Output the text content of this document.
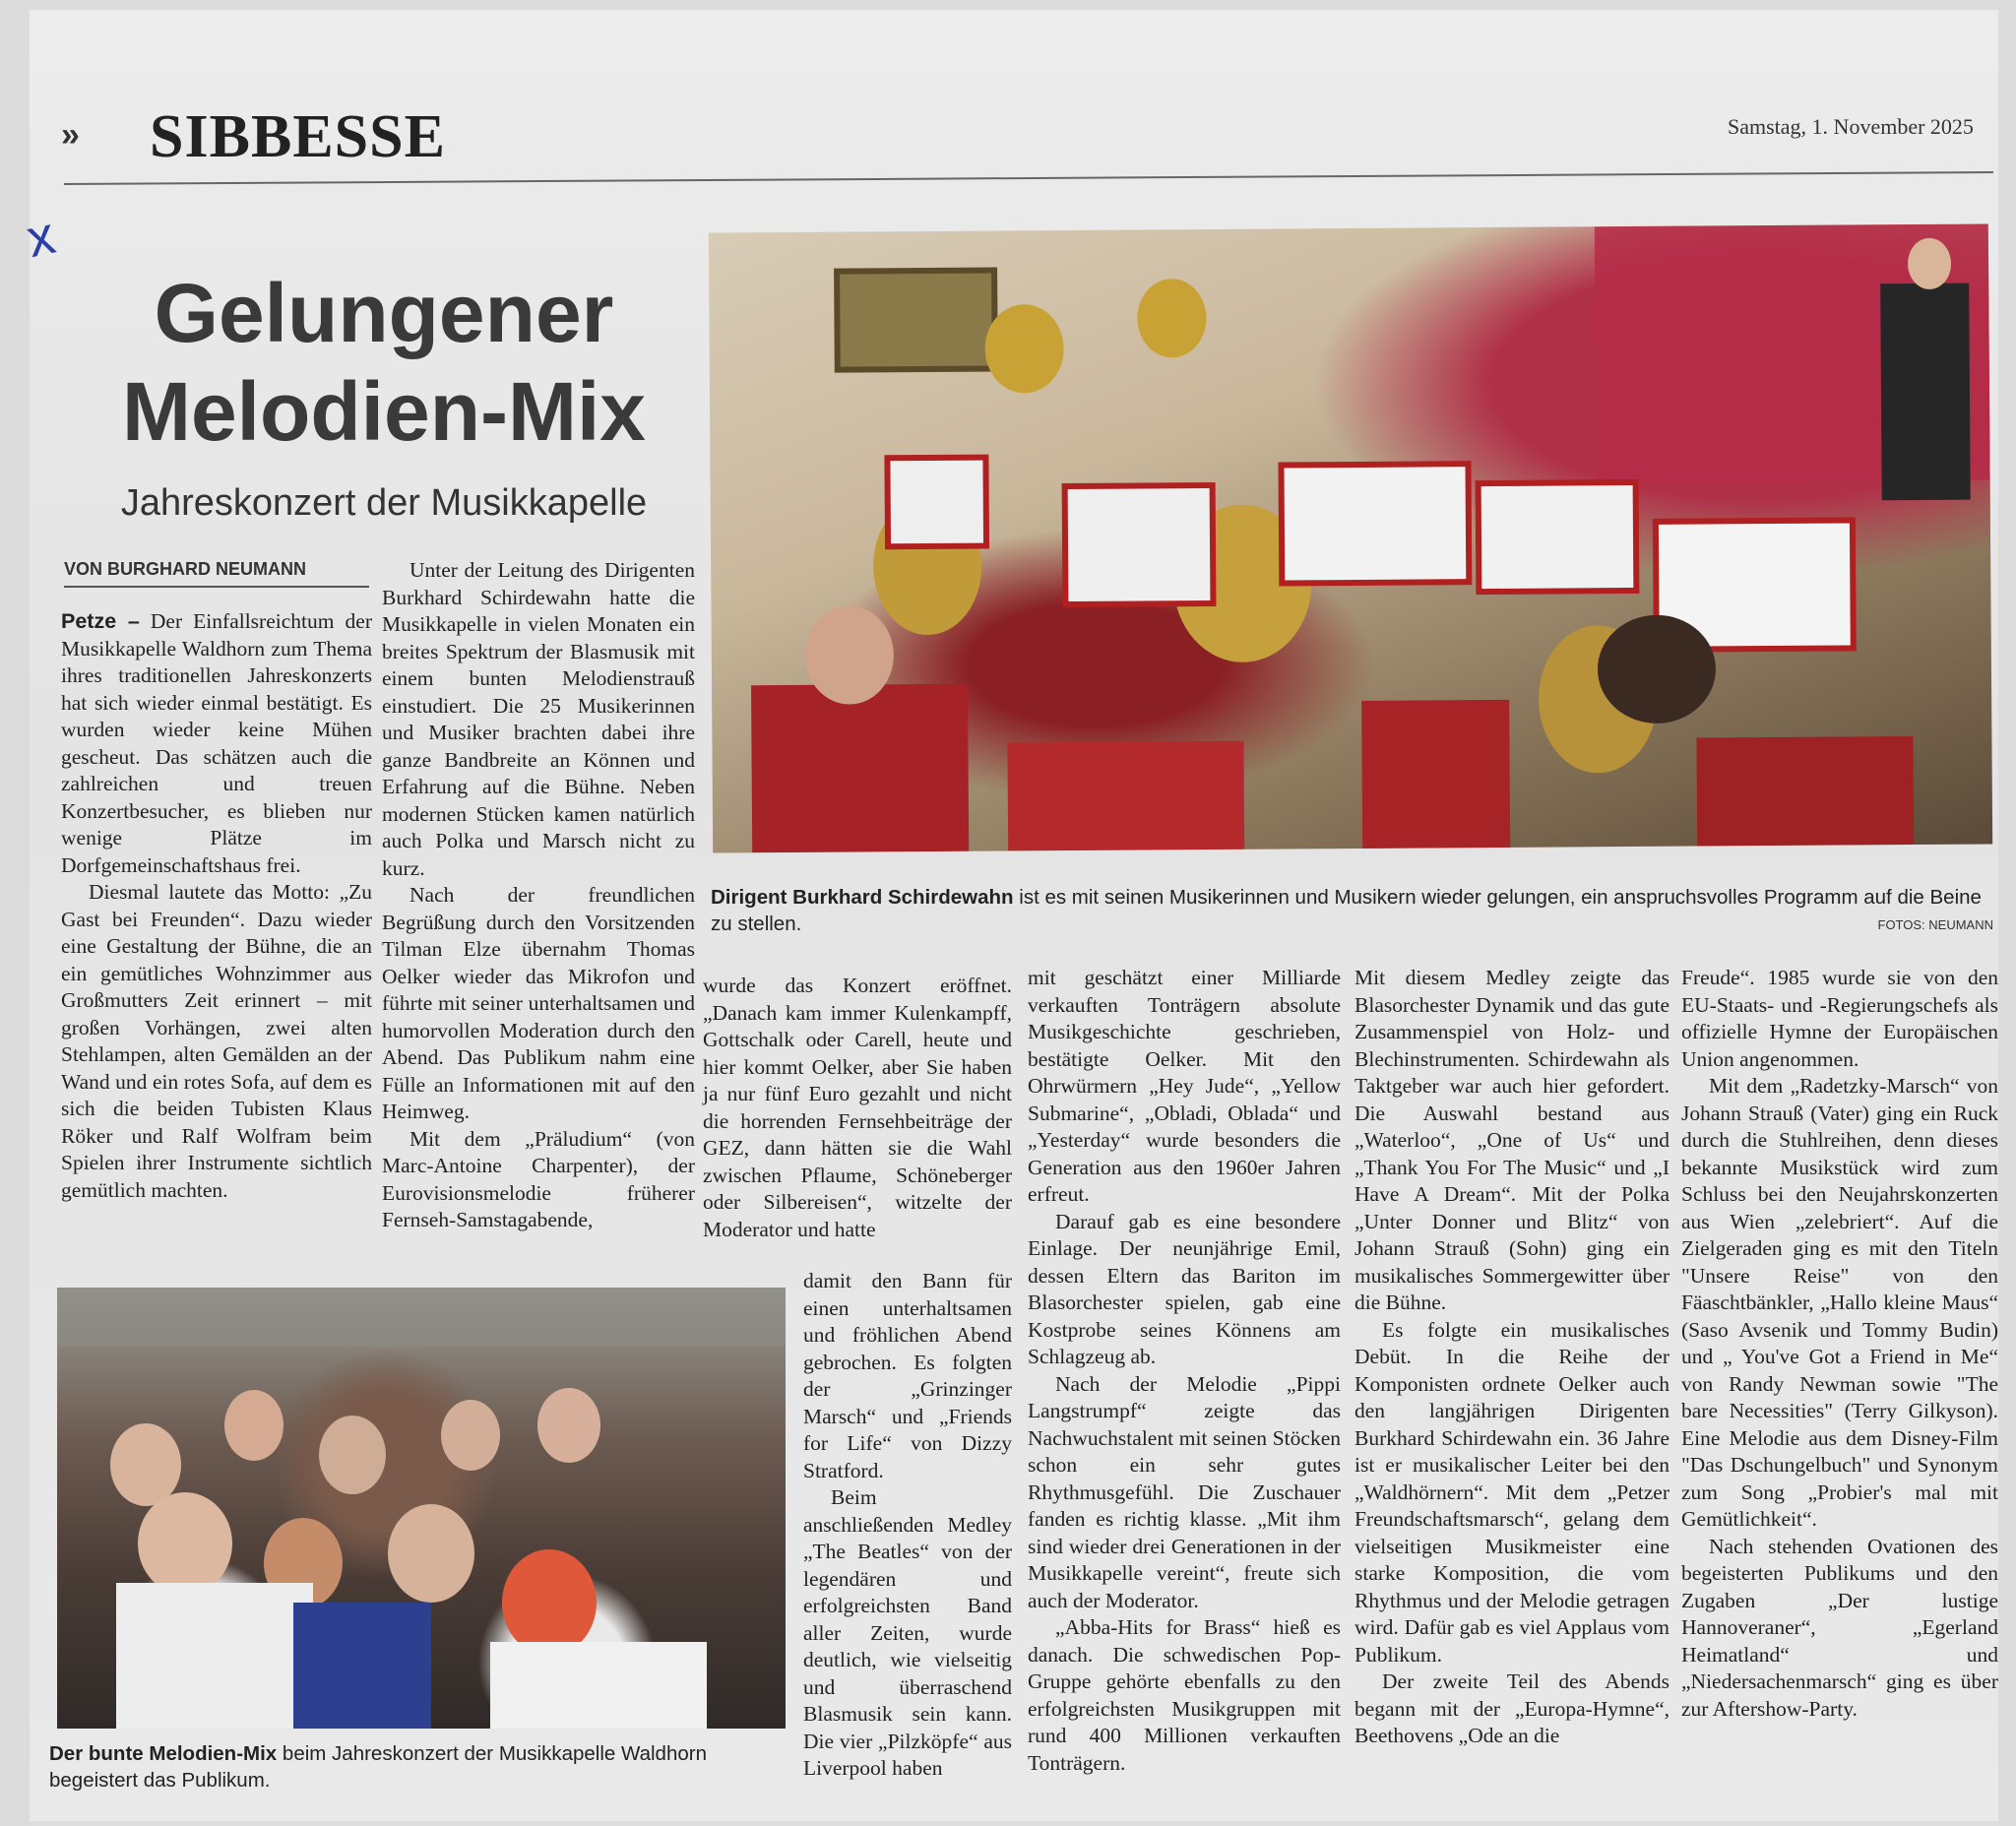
» SIBBESSE	Samstag, 1. November 2025
x
Gelungener Melodien-Mix
Jahreskonzert der Musikkapelle
VON BURGHARD NEUMANN
Dirigent Burkhard Schirdewahn ist es mit seinen Musikerinnen und Musikern wieder gelungen, ein anspruchsvolles Programm auf die Beine zu stellen.	FOTOS: NEUMANN

Petze – Der Einfallsreichtum der Musikkapelle Waldhorn zum Thema ihres traditionellen Jahreskonzerts hat sich wieder einmal bestätigt. Es wurden wieder keine Mühen gescheut. Das schätzen auch die zahlreichen und treuen Konzertbesucher, es blieben nur wenige Plätze im Dorfgemeinschaftshaus frei.

Diesmal lautete das Motto: „Zu Gast bei Freunden“. Dazu wieder eine Gestaltung der Bühne, die an ein gemütliches Wohnzimmer aus Großmutters Zeit erinnert – mit großen Vorhängen, zwei alten Stehlampen, alten Gemälden an der Wand und ein rotes Sofa, auf dem es sich die beiden Tubisten Klaus Röker und Ralf Wolfram beim Spielen ihrer Instrumente sichtlich gemütlich machten.

Unter der Leitung des Dirigenten Burkhard Schirdewahn hatte die Musikkapelle in vielen Monaten ein breites Spektrum der Blasmusik mit einem bunten Melodienstrauß einstudiert. Die 25 Musikerinnen und Musiker brachten dabei ihre ganze Bandbreite an Können und Erfahrung auf die Bühne. Neben modernen Stücken kamen natürlich auch Polka und Marsch nicht zu kurz.

Nach der freundlichen Begrüßung durch den Vorsitzenden Tilman Elze übernahm Thomas Oelker wieder das Mikrofon und führte mit seiner unterhaltsamen und humorvollen Moderation durch den Abend. Das Publikum nahm eine Fülle an Informationen mit auf den Heimweg.

Mit dem „Präludium“ (von Marc-Antoine Charpenter), der Eurovisionsmelodie früherer Fernseh-Samstagabende,

Der bunte Melodien-Mix beim Jahreskonzert der Musikkapelle Waldhorn begeistert das Publikum.

wurde das Konzert eröffnet. „Danach kam immer Kulenkampff, Gottschalk oder Carell, heute und hier kommt Oelker, aber Sie haben ja nur fünf Euro gezahlt und nicht die horrenden Fernsehbeiträge der GEZ, dann hätten sie die Wahl zwischen Pflaume, Schöneberger oder Silbereisen“, witzelte der Moderator und hatte

damit den Bann für einen unterhaltsamen und fröhlichen Abend gebrochen. Es folgten der „Grinzinger Marsch“ und „Friends for Life“ von Dizzy Stratford.

Beim anschließenden Medley „The Beatles“ von der legendären und erfolgreichsten Band aller Zeiten, wurde deutlich, wie vielseitig und überraschend Blasmusik sein kann. Die vier „Pilzköpfe“ aus Liverpool haben

mit geschätzt einer Milliarde verkauften Tonträgern absolute Musikgeschichte geschrieben, bestätigte Oelker. Mit den Ohrwürmern „Hey Jude“, „Yellow Submarine“, „Obladi, Oblada“ und „Yesterday“ wurde besonders die Generation aus den 1960er Jahren erfreut.

Darauf gab es eine besondere Einlage. Der neunjährige Emil, dessen Eltern das Bariton im Blasorchester spielen, gab eine Kostprobe seines Könnens am Schlagzeug ab.

Nach der Melodie „Pippi Langstrumpf“ zeigte das Nachwuchstalent mit seinen Stöcken schon ein sehr gutes Rhythmusgefühl. Die Zuschauer fanden es richtig klasse. „Mit ihm sind wieder drei Generationen in der Musikkapelle vereint“, freute sich auch der Moderator.

„Abba-Hits for Brass“ hieß es danach. Die schwedischen Pop-Gruppe gehörte ebenfalls zu den erfolgreichsten Musikgruppen mit rund 400 Millionen verkauften Tonträgern.

Mit diesem Medley zeigte das Blasorchester Dynamik und das gute Zusammenspiel von Holz- und Blechinstrumenten. Schirdewahn als Taktgeber war auch hier gefordert. Die Auswahl bestand aus „Waterloo“, „One of Us“ und „Thank You For The Music“ und „I Have A Dream“. Mit der Polka „Unter Donner und Blitz“ von Johann Strauß (Sohn) ging ein musikalisches Sommergewitter über die Bühne.

Es folgte ein musikalisches Debüt. In die Reihe der Komponisten ordnete Oelker auch den langjährigen Dirigenten Burkhard Schirdewahn ein. 36 Jahre ist er musikalischer Leiter bei den „Waldhörnern“. Mit dem „Petzer Freundschaftsmarsch“, gelang dem vielseitigen Musikmeister eine starke Komposition, die vom Rhythmus und der Melodie getragen wird. Dafür gab es viel Applaus vom Publikum.

Der zweite Teil des Abends begann mit der „Europa-Hymne“, Beethovens „Ode an die

Freude“. 1985 wurde sie von den EU-Staats- und -Regierungschefs als offizielle Hymne der Europäischen Union angenommen.

Mit dem „Radetzky-Marsch“ von Johann Strauß (Vater) ging ein Ruck durch die Stuhlreihen, denn dieses bekannte Musikstück wird zum Schluss bei den Neujahrskonzerten aus Wien „zelebriert“. Auf die Zielgeraden ging es mit den Titeln "Unsere Reise" von den Fäaschtbänkler, „Hallo kleine Maus“ (Saso Avsenik und Tommy Budin) und „ You've Got a Friend in Me“ von Randy Newman sowie "The bare Necessities" (Terry Gilkyson). Eine Melodie aus dem Disney-Film "Das Dschungelbuch" und Synonym zum Song „Probier's mal mit Gemütlichkeit“.

Nach stehenden Ovationen des begeisterten Publikums und den Zugaben „Der lustige Hannoveraner“, „Egerland Heimatland“ und „Niedersachenmarsch“ ging es über zur Aftershow-Party.
